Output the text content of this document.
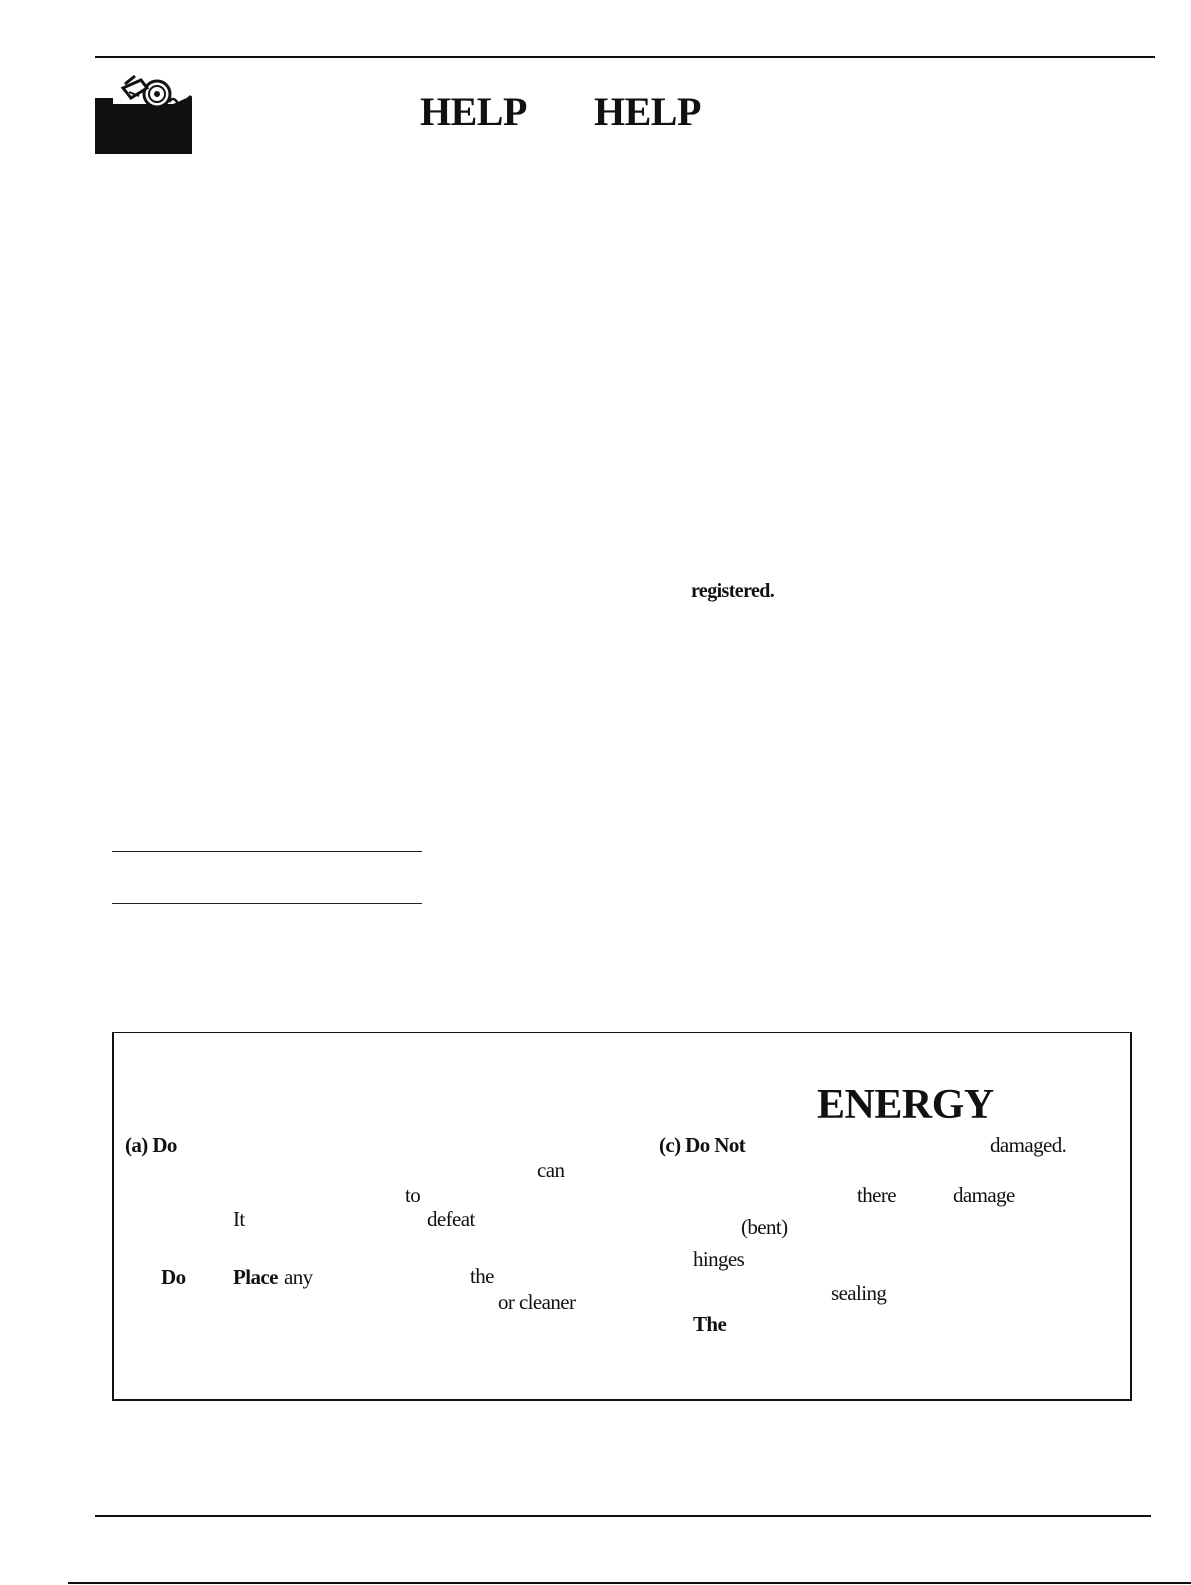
HELP HELP
registered.
ENERGY
(a) Do
can
to
It	defeat
Do Place any	the
or cleaner
(c) Do Not	damaged.
there	damage
(bent)
hinges
sealing
The
